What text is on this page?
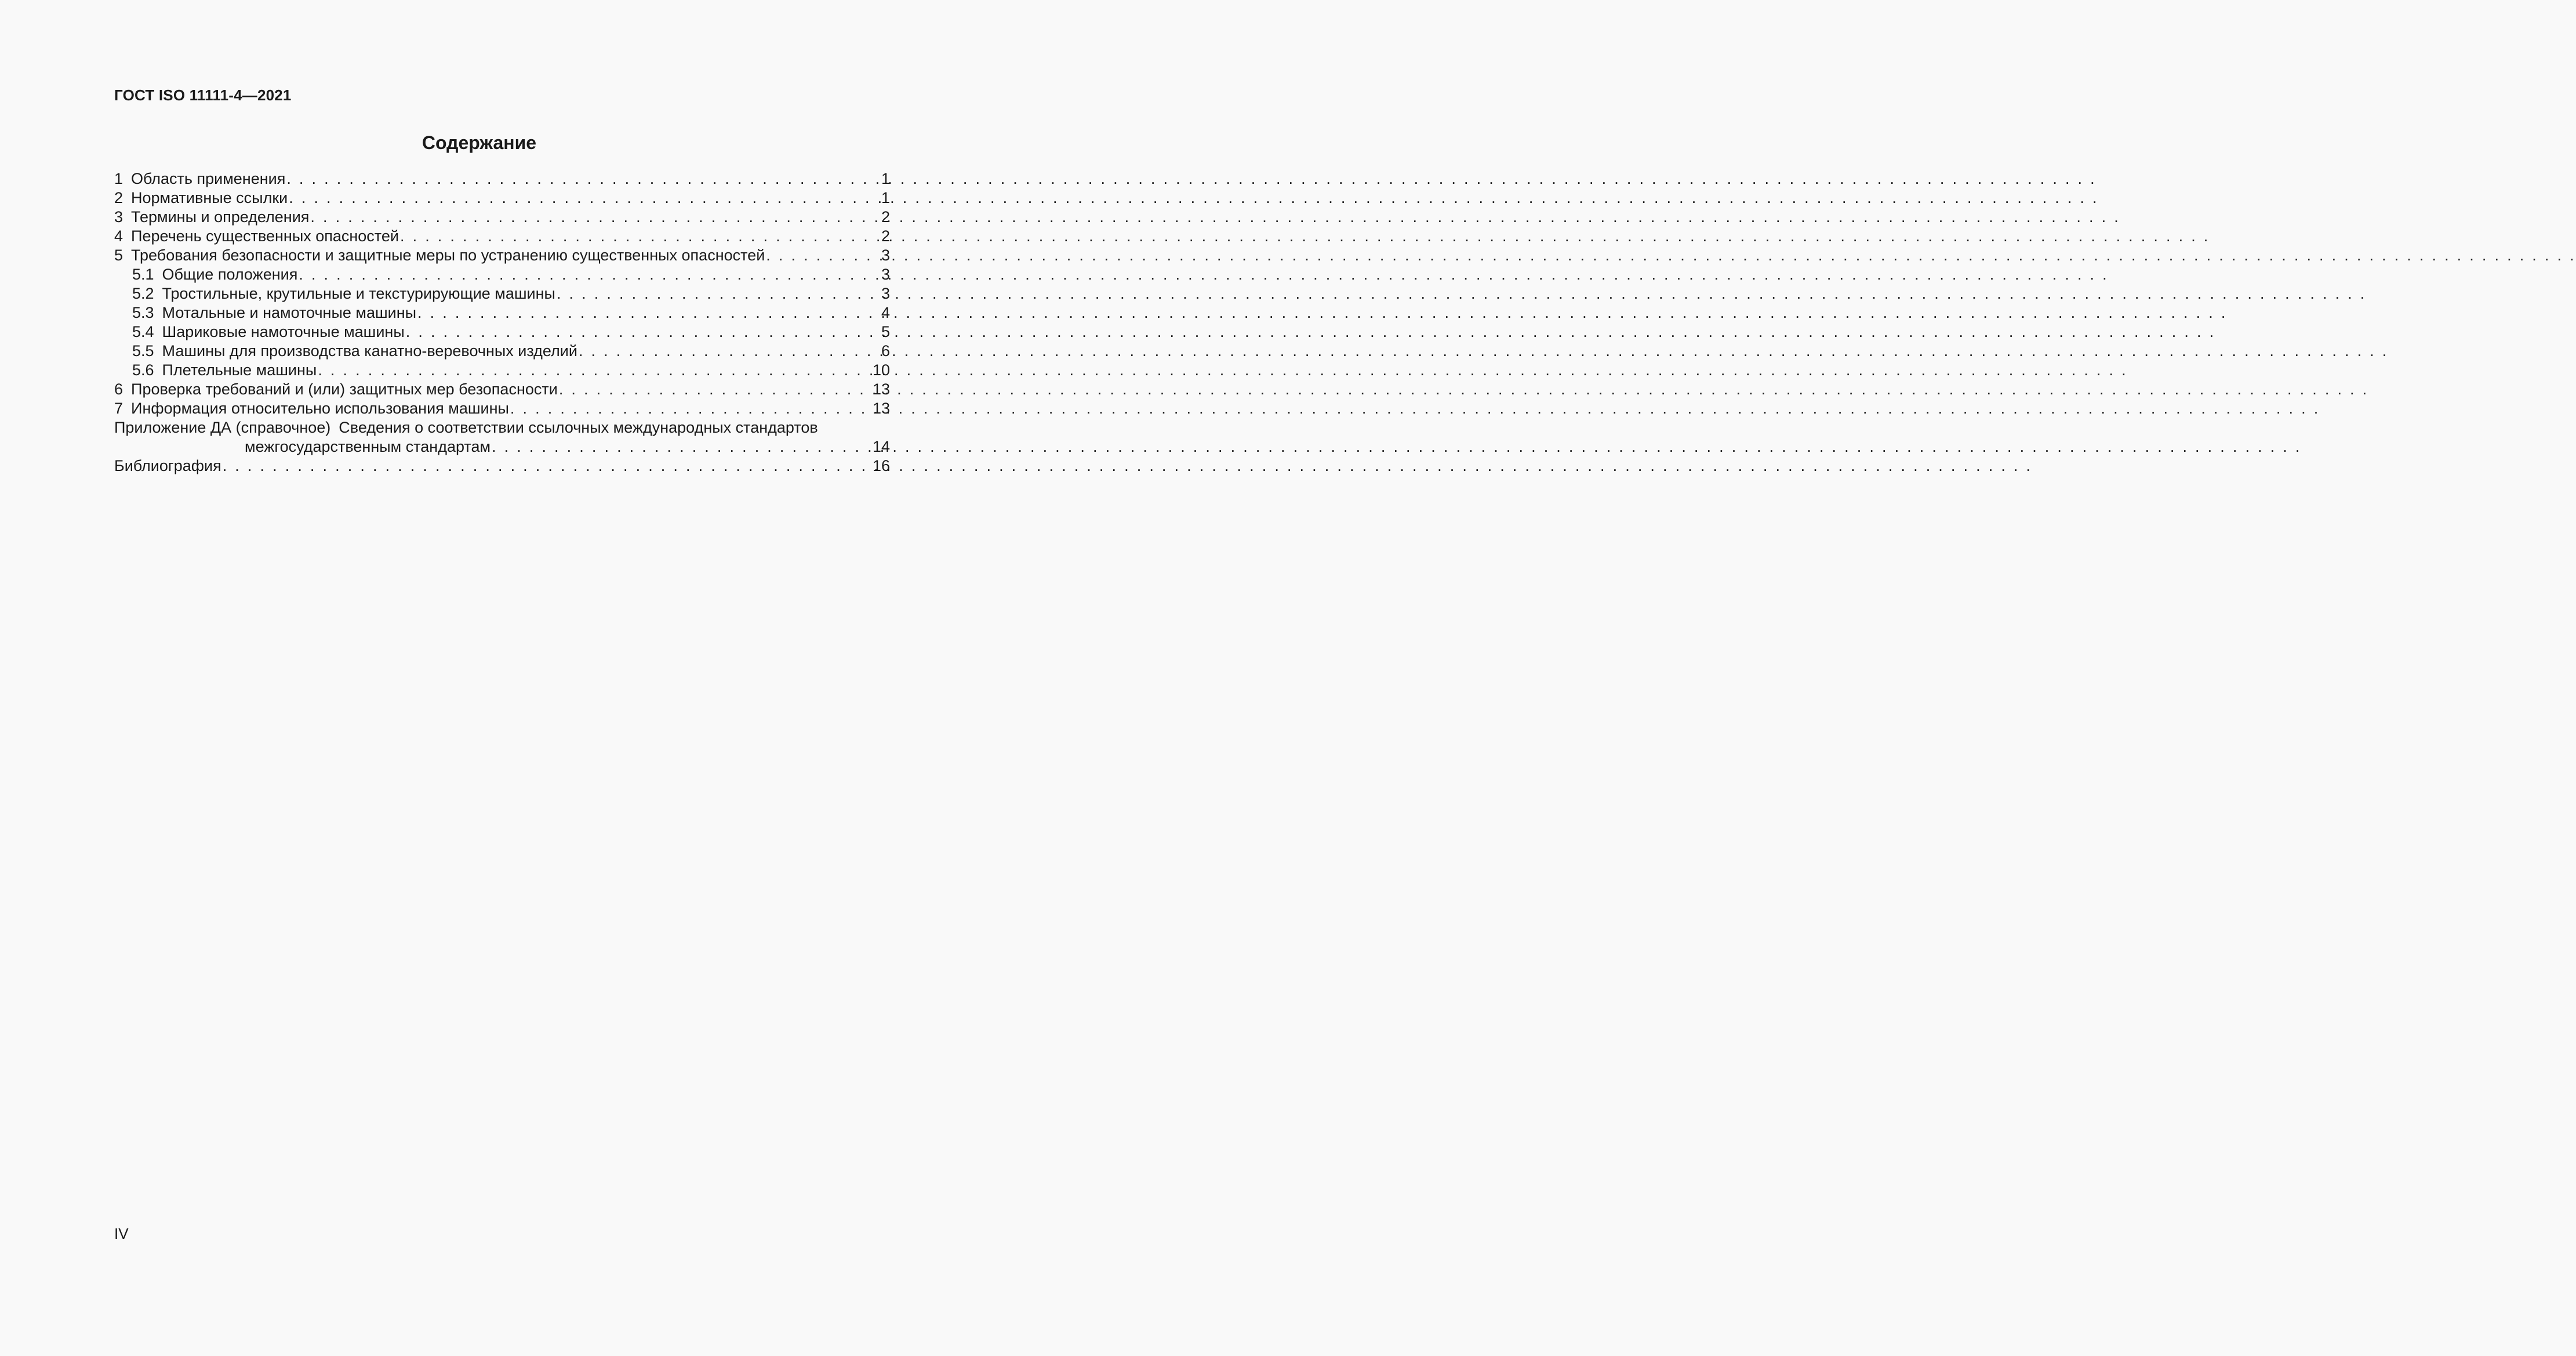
ГОСТ ISO 11111-4—2021
Содержание
1 Область применения . . .	1
2 Нормативные ссылки . . .	1
3 Термины и определения . . .	2
4 Перечень существенных опасностей . . .	2
5 Требования безопасности и защитные меры по устранению существенных опасностей . . .	3
5.1 Общие положения . . .	3
5.2 Тростильные, крутильные и текстурирующие машины . . .	3
5.3 Мотальные и намоточные машины . . .	4
5.4 Шариковые намоточные машины . . .	5
5.5 Машины для производства канатно-веревочных изделий . . .	6
5.6 Плетельные машины . . .	10
6 Проверка требований и (или) защитных мер безопасности . . .	13
7 Информация относительно использования машины . . .	13
Приложение ДА (справочное) Сведения о соответствии ссылочных международных стандартов
межгосударственным стандартам . . .	14
Библиография . . .	16
IV
